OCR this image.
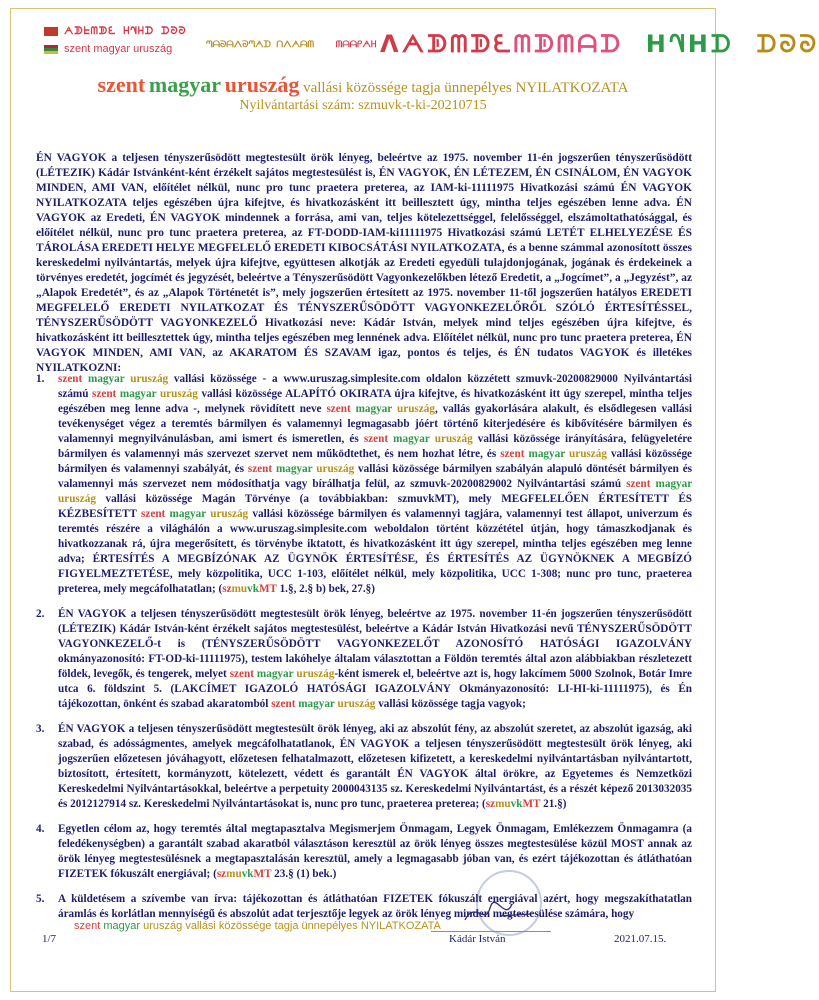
ᗅᗫᖶᗰᗫᘍ ᕼᗀᕼᗪ ᗪᘐᘐ
szent magyar uruszág	ᘉᗩᘐᗩᐱᘐᘉᗅᗪ ᑎᐱᗅᗩᗰ ᗰᗩᗩᑭᗅᕼ ᐱᗅᗫᗰᗫᘍᗰᗫᗰᗩᗪ ᕼᗀᕼᗪ ᗪᘐᘐ
szent magyar uruszág vallási közössége tagja ünnepélyes NYILATKOZATA
Nyilvántartási szám: szmuvk-t-ki-20210715
ÉN VAGYOK a teljesen tényszerűsödött megtestesült örök lényeg, beleértve az 1975. november 11-én jogszerűen tényszerűsödött (LÉTEZIK) Kádár Istvánként-ként érzékelt sajátos megtestesülést is, ÉN VAGYOK, ÉN LÉTEZEM, ÉN CSINÁLOM, ÉN VAGYOK MINDEN, AMI VAN, előítélet nélkül, nunc pro tunc praetera preterea, az IAM-ki-11111975 Hivatkozási számú ÉN VAGYOK NYILATKOZATA teljes egészében újra kifejtve, és hivatkozásként itt beillesztett úgy, mintha teljes egészében lenne adva. ÉN VAGYOK az Eredeti, ÉN VAGYOK mindennek a forrása, ami van, teljes kötelezettséggel, felelősséggel, elszámoltathatósággal, és előítélet nélkül, nunc pro tunc praetera preterea, az FT-DODD-IAM-ki11111975 Hivatkozási számú LETÉT ELHELYEZÉSE ÉS TÁROLÁSA EREDETI HELYE MEGFELELŐ EREDETI KIBOCSÁTÁSI NYILATKOZATA, és a benne számmal azonosított összes kereskedelmi nyilvántartás, melyek újra kifejtve, együttesen alkotják az Eredeti egyedüli tulajdonjogának, jogának és érdekeinek a törvényes eredetét, jogcímét és jegyzését, beleértve a Tényszerűsödött Vagyonkezelőkben létező Eredetit, a „Jogcímet”, a „Jegyzést”, az „Alapok Eredetét”, és az „Alapok Történetét is”, mely jogszerűen értesített az 1975. november 11-től jogszerűen hatályos EREDETI MEGFELELŐ EREDETI NYILATKOZAT ÉS TÉNYSZERŰSÖDÖTT VAGYONKEZELŐRŐL SZÓLÓ ÉRTESÍTÉSSEL, TÉNYSZERŰSÖDÖTT VAGYONKEZELŐ Hivatkozási neve: Kádár István, melyek mind teljes egészében újra kifejtve, és hivatkozásként itt beillesztettek úgy, mintha teljes egészében meg lennének adva. Előítélet nélkül, nunc pro tunc praetera preterea, ÉN VAGYOK MINDEN, AMI VAN, az AKARATOM ÉS SZAVAM igaz, pontos és teljes, és ÉN tudatos VAGYOK és illetékes NYILATKOZNI:
1. szent magyar uruszág vallási közössége - a www.uruszag.simplesite.com oldalon közzétett szmuvk-20200829000 Nyilvántartási számú szent magyar uruszág vallási közössége ALAPÍTÓ OKIRATA újra kifejtve, és hivatkozásként itt úgy szerepel, mintha teljes egészében meg lenne adva -, melynek rövidített neve szent magyar uruszág, vallás gyakorlására alakult, és elsődlegesen vallási tevékenységet végez a teremtés bármilyen és valamennyi legmagasabb jóért történő kiterjedésére és kibővítésére bármilyen és valamennyi megnyilvánulásban, ami ismert és ismeretlen, és szent magyar uruszág vallási közössége irányítására, felügyeletére bármilyen és valamennyi más szervezet szervet nem működtethet, és nem hozhat létre, és szent magyar uruszág vallási közössége bármilyen és valamennyi szabályát, és szent magyar uruszág vallási közössége bármilyen szabályán alapuló döntését bármilyen és valamennyi más szervezet nem módosíthatja vagy bírálhatja felül, az szmuvk-20200829002 Nyilvántartási számú szent magyar uruszág vallási közössége Magán Törvénye (a továbbiakban: szmuvkMT), mely MEGFELELŐEN ÉRTESÍTETT ÉS KÉZBESÍTETT szent magyar uruszág vallási közössége bármilyen és valamennyi tagjára, valamennyi test állapot, univerzum és teremtés részére a világhálón a www.uruszag.simplesite.com weboldalon történt közzététel útján, hogy támaszkodjanak és hivatkozzanak rá, újra megerősített, és törvénybe iktatott, és hivatkozásként itt úgy szerepel, mintha teljes egészében meg lenne adva; ÉRTESÍTÉS A MEGBÍZÓNAK AZ ÜGYNÖK ÉRTESÍTÉSE, ÉS ÉRTESÍTÉS AZ ÜGYNÖKNEK A MEGBÍZÓ FIGYELMEZTETÉSE, mely közpolitika, UCC 1-103, előítélet nélkül, mely közpolitika, UCC 1-308; nunc pro tunc, praeterea preterea, mely megcáfolhatatlan; (szmuvkMT 1.§, 2.§ b) bek, 27.§)
2. ÉN VAGYOK a teljesen tényszerűsödött megtestesült örök lényeg, beleértve az 1975. november 11-én jogszerűen tényszerűsödött (LÉTEZIK) Kádár István-ként érzékelt sajátos megtestesülést, beleértve a Kádár István Hivatkozási nevű TÉNYSZERŰSÖDÖTT VAGYONKEZELŐ-t is (TÉNYSZERŰSÖDÖTT VAGYONKEZELŐT AZONOSÍTÓ HATÓSÁGI IGAZOLVÁNY okmányazonosító: FT-OD-ki-11111975), testem lakóhelye általam választottan a Földön teremtés által azon alábbiakban részletezett földek, levegők, és tengerek, melyet szent magyar uruszág-ként ismerek el, beleértve azt is, hogy lakcímem 5000 Szolnok, Botár Imre utca 6. földszint 5. (LAKCÍMET IGAZOLÓ HATÓSÁGI IGAZOLVÁNY Okmányazonosító: LI-HI-ki-11111975), és Én tájékozottan, önként és szabad akaratomból szent magyar uruszág vallási közössége tagja vagyok;
3. ÉN VAGYOK a teljesen tényszerűsödött megtestesült örök lényeg, aki az abszolút fény, az abszolút szeretet, az abszolút igazság, aki szabad, és adósságmentes, amelyek megcáfolhatatlanok, ÉN VAGYOK a teljesen tényszerűsödött megtestesült örök lényeg, aki jogszerűen előzetesen jóváhagyott, előzetesen felhatalmazott, előzetesen kifizetett, a kereskedelmi nyilvántartásban nyilvántartott, biztosított, értesített, kormányzott, kötelezett, védett és garantált ÉN VAGYOK által örökre, az Egyetemes és Nemzetközi Kereskedelmi Nyilvántartásokkal, beleértve a perpetuity 2000043135 sz. Kereskedelmi Nyilvántartást, és a részét képező 2013032035 és 2012127914 sz. Kereskedelmi Nyilvántartásokat is, nunc pro tunc, praeterea preterea; (szmuvkMT 21.§)
4. Egyetlen célom az, hogy teremtés által megtapasztalva Megismerjem Önmagam, Legyek Önmagam, Emlékezzem Önmagamra (a feledékenységben) a garantált szabad akaratból választáson keresztül az örök lényeg összes megtestesülése közül MOST annak az örök lényeg megtestesülésnek a megtapasztalásán keresztül, amely a legmagasabb jóban van, és ezért tájékozottan és átláthatóan FIZETEK fókuszált energiával; (szmuvkMT 23.§ (1) bek.)
5. A küldetésem a szívembe van írva: tájékozottan és átláthatóan FIZETEK fókuszált energiával azért, hogy megszakíthatatlan áramlás és korlátlan mennyiségű és abszolút adat terjesztője legyek az örök lényeg minden megtestesülése számára, hogy
szent magyar uruszág vallási közössége tagja ünnepélyes NYILATKOZATA
1/7	Kádár István	2021.07.15.
